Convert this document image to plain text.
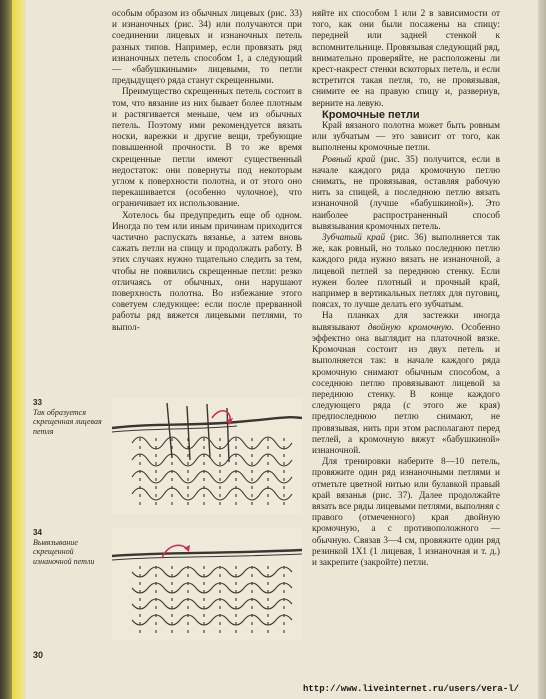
особым образом из обычных лицевых (рис. 33) и изнаночных (рис. 34) или получаются при соединении лицевых и изнаночных петель разных типов. Например, если провязать ряд изнаночных петель способом 1, а следующий — «бабушкиными» лицевыми, то петли предыдущего ряда станут скрещенными.

Преимущество скрещенных петель состоит в том, что вязание из них бывает более плотным и растягивается меньше, чем из обычных петель. Поэтому ими рекомендуется вязать носки, варежки и другие вещи, требующие повышенной прочности. В то же время скрещенные петли имеют существенный недостаток: они повернуты под некоторым углом к поверхности полотна, и от этого оно перекашивается (особенно чулочное), что ограничивает их использование.

Хотелось бы предупредить еще об одном. Иногда по тем или иным причинам приходится частично распускать вязанье, а затем вновь сажать петли на спицу и продолжать работу. В этих случаях нужно тщательно следить за тем, чтобы не появились скрещенные петли: резко отличаясь от обычных, они нарушают поверхность полотна. Во избежание этого советуем следующее: если после прерванной работы ряд вяжется лицевыми петлями, то выпол-

няйте их способом 1 или 2 в зависимости от того, как они были посажены на спицу: передней или задней стенкой к вспомнительнице. Провязывая следующий ряд, внимательно проверяйте, не расположены ли крест-накрест стенки вскоторых петель, и если встретится такая петля, то, не провязывая, снимите ее на правую спицу и, развернув, верните на левую.

Кромочные петли

Край вязаного полотна может быть ровным или зубчатым — это зависит от того, как выполнены кромочные петли.

Ровный край (рис. 35) получится, если в начале каждого ряда кромочную петлю снимать, не провязывая, оставляя рабочую нить за спицей, а последнюю петлю вязать изнаночной (лучше «бабушкиной»). Это наиболее распространенный способ вывязывания кромочных петель.

Зубчатый край (рис. 36) выполняется так же, как ровный, но только последнюю петлю каждого ряда нужно вязать не изнаночной, а лицевой петлей за переднюю стенку. Если нужен более плотный и прочный край, например в вертикальных петлях для пуговиц, поясах, то лучше делать его зубчатым.

На планках для застежки иногда вывязывают двойную кромочную. Особенно эффектно она выглядит на платочной вязке. Кромочная состоит из двух петель и выполняется так: в начале каждого ряда кромочную снимают обычным способом, а соседнюю петлю провязывают лицевой за переднюю стенку. В конце каждого следующего ряда (с этого же края) предпоследнюю петлю снимают, не провязывая, нить при этом располагают перед петлей, а кромочную вяжут «бабушкиной» изнаночной.

Для тренировки наберите 8—10 петель, провяжите один ряд изнаночными петлями и отметьте цветной нитью или булавкой правый край вязанья (рис. 37). Далее продолжайте вязать все ряды лицевыми петлями, выполняя с правого (отмеченного) края двойную кромочную, а с противоположного — обычную. Связав 3—4 см, провяжите один ряд резинкой 1X1 (1 лицевая, 1 изнаночная и т. д.) и закрепите (закройте) петли.

33
Так образуется скрещенная лицевая петля
34
Вывязывание скрещенной изнаночной петли
30
http://www.liveinternet.ru/users/vera-l/
